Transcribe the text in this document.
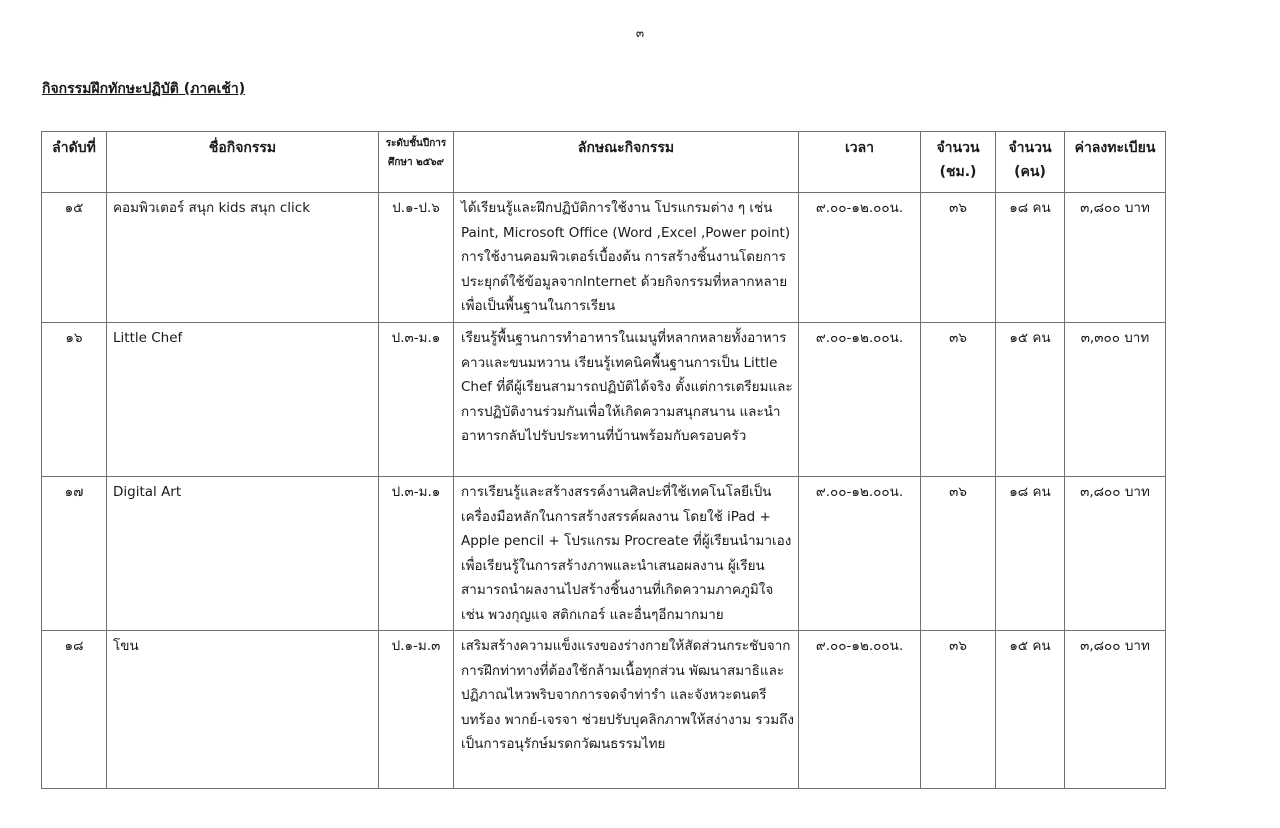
๓
กิจกรรมฝึกทักษะปฏิบัติ (ภาคเช้า)
ลำดับที่	ชื่อกิจกรรม	ระดับชั้นปีการศึกษา ๒๕๖๙	ลักษณะกิจกรรม	เวลา	จำนวน (ชม.)	จำนวน (คน)	ค่าลงทะเบียน
๑๕	คอมพิวเตอร์ สนุก kids สนุก click	ป.๑-ป.๖	ได้เรียนรู้และฝึกปฏิบัติการใช้งาน โปรแกรมต่าง ๆ เช่น Paint, Microsoft Office (Word ,Excel ,Power point) การใช้งานคอมพิวเตอร์เบื้องต้น การสร้างชิ้นงานโดยการประยุกต์ใช้ข้อมูลจากInternet ด้วยกิจกรรมที่หลากหลายเพื่อเป็นพื้นฐานในการเรียน	๙.๐๐-๑๒.๐๐น.	๓๖	๑๘ คน	๓,๘๐๐ บาท
๑๖	Little Chef	ป.๓-ม.๑	เรียนรู้พื้นฐานการทำอาหารในเมนูที่หลากหลายทั้งอาหารคาวและขนมหวาน เรียนรู้เทคนิคพื้นฐานการเป็น Little Chef ที่ดีผู้เรียนสามารถปฏิบัติได้จริง ตั้งแต่การเตรียมและการปฏิบัติงานร่วมกันเพื่อให้เกิดความสนุกสนาน และนำอาหารกลับไปรับประทานที่บ้านพร้อมกับครอบครัว	๙.๐๐-๑๒.๐๐น.	๓๖	๑๕ คน	๓,๓๐๐ บาท
๑๗	Digital Art	ป.๓-ม.๑	การเรียนรู้และสร้างสรรค์งานศิลปะที่ใช้เทคโนโลยีเป็นเครื่องมือหลักในการสร้างสรรค์ผลงาน โดยใช้ iPad + Apple pencil + โปรแกรม Procreate ที่ผู้เรียนนำมาเอง เพื่อเรียนรู้ในการสร้างภาพและนำเสนอผลงาน ผู้เรียนสามารถนำผลงานไปสร้างชิ้นงานที่เกิดความภาคภูมิใจ เช่น พวงกุญแจ สติกเกอร์ และอื่นๆอีกมากมาย	๙.๐๐-๑๒.๐๐น.	๓๖	๑๘ คน	๓,๘๐๐ บาท
๑๘	โขน	ป.๑-ม.๓	เสริมสร้างความแข็งแรงของร่างกายให้สัดส่วนกระชับจากการฝึกท่าทางที่ต้องใช้กล้ามเนื้อทุกส่วน พัฒนาสมาธิและปฏิภาณไหวพริบจากการจดจำท่ารำ และจังหวะดนตรี บทร้อง พากย์-เจรจา ช่วยปรับบุคลิกภาพให้สง่างาม รวมถึงเป็นการอนุรักษ์มรดกวัฒนธรรมไทย	๙.๐๐-๑๒.๐๐น.	๓๖	๑๕ คน	๓,๘๐๐ บาท
